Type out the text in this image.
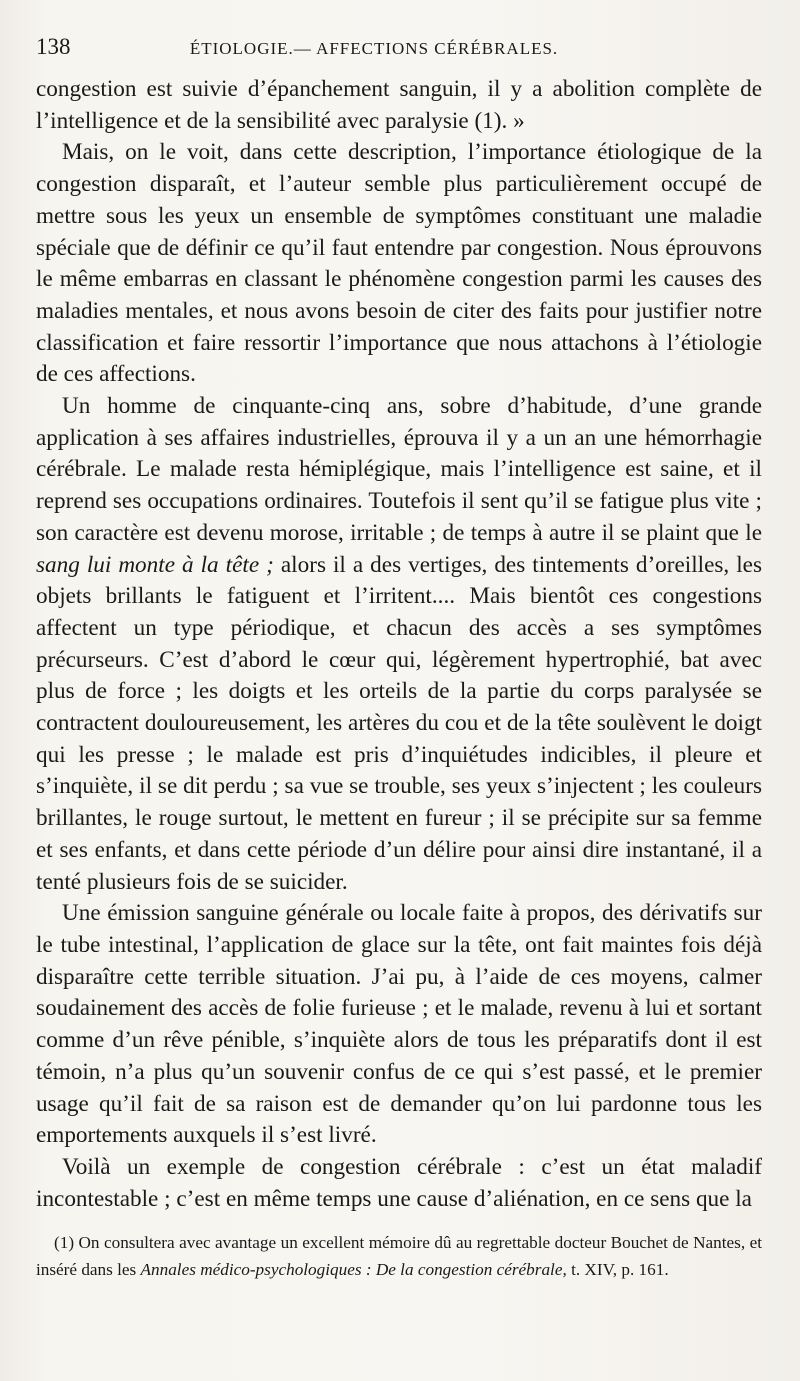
138	ÉTIOLOGIE.— AFFECTIONS CÉRÉBRALES.

congestion est suivie d’épanchement sanguin, il y a abolition complète de l’intelligence et de la sensibilité avec paralysie (1). »

Mais, on le voit, dans cette description, l’importance étiologique de la congestion disparaît, et l’auteur semble plus particulièrement occupé de mettre sous les yeux un ensemble de symptômes constituant une maladie spéciale que de définir ce qu’il faut entendre par congestion. Nous éprouvons le même embarras en classant le phénomène congestion parmi les causes des maladies mentales, et nous avons besoin de citer des faits pour justifier notre classification et faire ressortir l’importance que nous attachons à l’étiologie de ces affections.

Un homme de cinquante-cinq ans, sobre d’habitude, d’une grande application à ses affaires industrielles, éprouva il y a un an une hémorrhagie cérébrale. Le malade resta hémiplégique, mais l’intelligence est saine, et il reprend ses occupations ordinaires. Toutefois il sent qu’il se fatigue plus vite ; son caractère est devenu morose, irritable ; de temps à autre il se plaint que le sang lui monte à la tête ; alors il a des vertiges, des tintements d’oreilles, les objets brillants le fatiguent et l’irritent.... Mais bientôt ces congestions affectent un type périodique, et chacun des accès a ses symptômes précurseurs. C’est d’abord le cœur qui, légèrement hypertrophié, bat avec plus de force ; les doigts et les orteils de la partie du corps paralysée se contractent douloureusement, les artères du cou et de la tête soulèvent le doigt qui les presse ; le malade est pris d’inquiétudes indicibles, il pleure et s’inquiète, il se dit perdu ; sa vue se trouble, ses yeux s’injectent ; les couleurs brillantes, le rouge surtout, le mettent en fureur ; il se précipite sur sa femme et ses enfants, et dans cette période d’un délire pour ainsi dire instantané, il a tenté plusieurs fois de se suicider.

Une émission sanguine générale ou locale faite à propos, des dérivatifs sur le tube intestinal, l’application de glace sur la tête, ont fait maintes fois déjà disparaître cette terrible situation. J’ai pu, à l’aide de ces moyens, calmer soudainement des accès de folie furieuse ; et le malade, revenu à lui et sortant comme d’un rêve pénible, s’inquiète alors de tous les préparatifs dont il est témoin, n’a plus qu’un souvenir confus de ce qui s’est passé, et le premier usage qu’il fait de sa raison est de demander qu’on lui pardonne tous les emportements auxquels il s’est livré.

Voilà un exemple de congestion cérébrale : c’est un état maladif incontestable ; c’est en même temps une cause d’aliénation, en ce sens que la

(1) On consultera avec avantage un excellent mémoire dû au regrettable docteur Bouchet de Nantes, et inséré dans les Annales médico-psychologiques : De la congestion cérébrale, t. XIV, p. 161.
